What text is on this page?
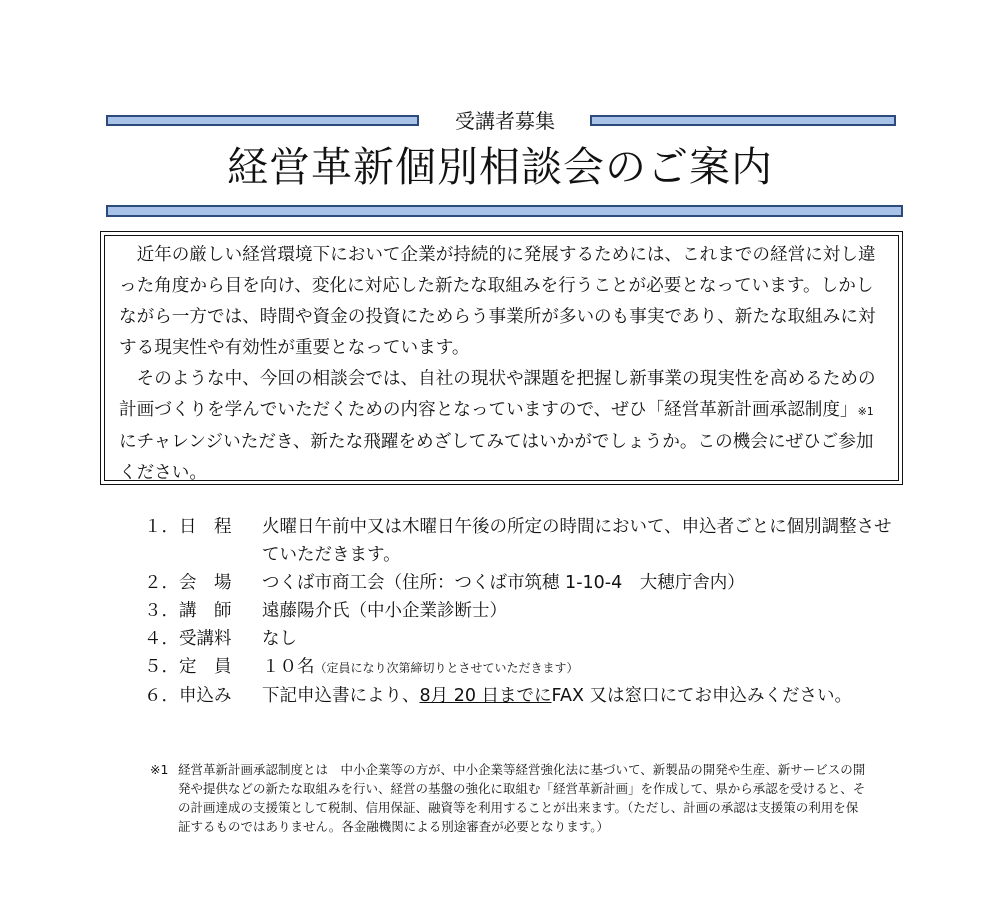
受講者募集
経営革新個別相談会のご案内

近年の厳しい経営環境下において企業が持続的に発展するためには、これまでの経営に対し違った角度から目を向け、変化に対応した新たな取組みを行うことが必要となっています。しかしながら一方では、時間や資金の投資にためらう事業所が多いのも事実であり、新たな取組みに対する現実性や有効性が重要となっています。

そのような中、今回の相談会では、自社の現状や課題を把握し新事業の現実性を高めるための計画づくりを学んでいただくための内容となっていますので、ぜひ「経営革新計画承認制度」※1にチャレンジいただき、新たな飛躍をめざしてみてはいかがでしょうか。この機会にぜひご参加ください。

１．日　程	火曜日午前中又は木曜日午後の所定の時間において、申込者ごとに個別調整させていただきます。
２．会　場	つくば市商工会（住所：つくば市筑穂 1-10-4　大穂庁舎内）
３．講　師	遠藤陽介氏（中小企業診断士）
４．受講料	なし
５．定　員	１０名（定員になり次第締切りとさせていただきます）
６．申込み	下記申込書により、8月 20 日までにFAX 又は窓口にてお申込みください。
※1 経営革新計画承認制度とは　中小企業等の方が、中小企業等経営強化法に基づいて、新製品の開発や生産、新サービスの開発や提供などの新たな取組みを行い、経営の基盤の強化に取組む「経営革新計画」を作成して、県から承認を受けると、その計画達成の支援策として税制、信用保証、融資等を利用することが出来ます。（ただし、計画の承認は支援策の利用を保証するものではありません。各金融機関による別途審査が必要となります。）
